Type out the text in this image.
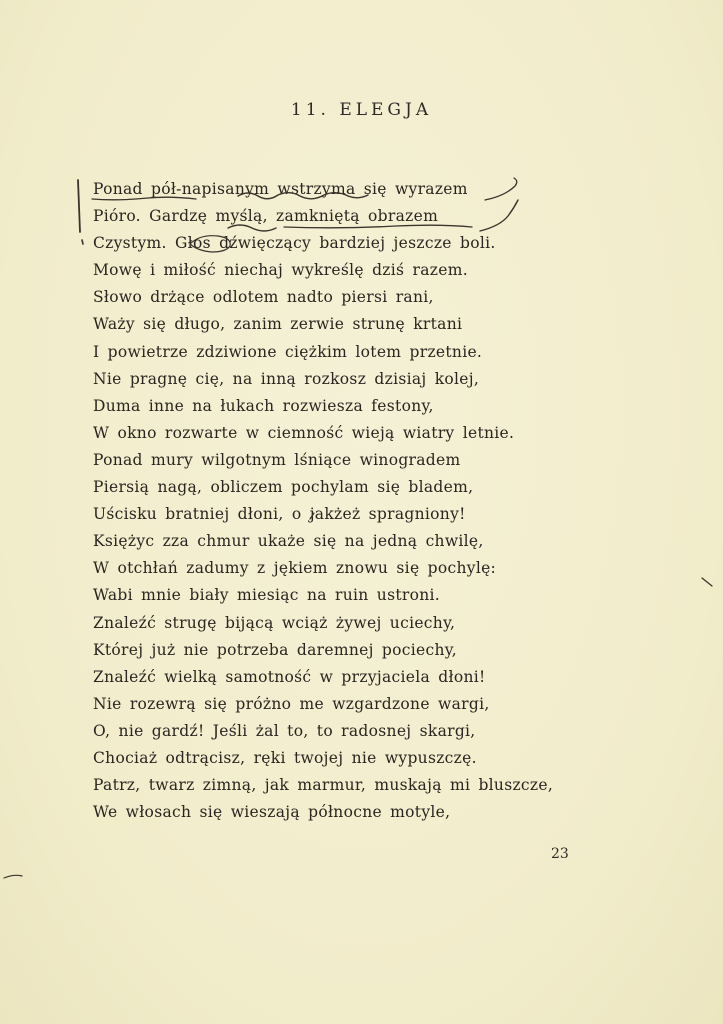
11. ELEGJA
Ponad pół-napisanym wstrzyma się wyrazem
Pióro. Gardzę myślą, zamkniętą obrazem
Czystym. Głos dźwięczący bardziej jeszcze boli.
Mowę i miłość niechaj wykreślę dziś razem.
Słowo drżące odlotem nadto piersi rani,
Waży się długo, zanim zerwie strunę krtani
I powietrze zdziwione ciężkim lotem przetnie.
Nie pragnę cię, na inną rozkosz dzisiaj kolej,
Duma inne na łukach rozwiesza festony,
W okno rozwarte w ciemność wieją wiatry letnie.
Ponad mury wilgotnym lśniące winogradem
Piersią nagą, obliczem pochylam się bladem,
Uścisku bratniej dłoni, o jakżeż spragniony!
Księżyc zza chmur ukaże się na jedną chwilę,
W otchłań zadumy z jękiem znowu się pochylę:
Wabi mnie biały miesiąc na ruin ustroni.
Znaleźć strugę bijącą wciąż żywej uciechy,
Której już nie potrzeba daremnej pociechy,
Znaleźć wielką samotność w przyjaciela dłoni!
Nie rozewrą się próżno me wzgardzone wargi,
O, nie gardź! Jeśli żal to, to radosnej skargi,
Chociaż odtrącisz, ręki twojej nie wypuszczę.
Patrz, twarz zimną, jak marmur, muskają mi bluszcze,
We włosach się wieszają północne motyle,
23
